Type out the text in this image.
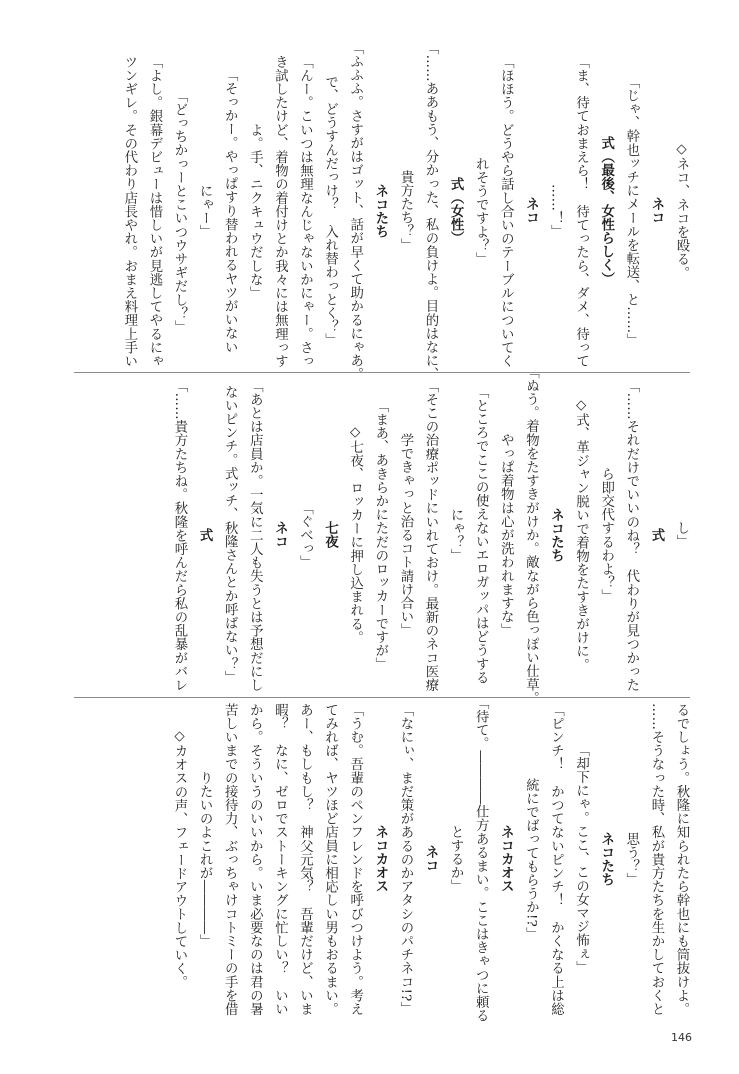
◇ネコ、ネコを殴る。
ネコ
「じゃ、幹也ッチにメールを転送、と……」
式（最後、女性らしく）
「ま、待ておまえら！　待てったら、ダメ、待って
……！」
ネコ
「ほほう。どうやら話し合いのテーブルについてく
れそうですよ？」
式（女性）
「……ああもう、分かった、私の負けよ。目的はなに、
貴方たち？」
ネコたち
「ふふふ。さすがはゴット、話が早くて助かるにゃあ。
で、どうすんだっけ？　入れ替わっとく？」
「んー。こいつは無理なんじゃないかにゃー。さっ
き試したけど、着物の着付けとか我々には無理っす
よ。手、ニクキュウだしな」
「そっかー。やっぱすり替われるヤツがいない
にゃー」
「どっちかっーとこいつウサギだし？」
「よし。銀幕デビューは惜しいが見逃してやるにゃ
ツンギレ。その代わり店長やれ。おまえ料理上手い
し」
式
「……それだけでいいのね？　代わりが見つかった
ら即交代するわよ？」
◇式、革ジャン脱いで着物をたすきがけに。
ネコたち
「ぬう。着物をたすきがけか。敵ながら色っぽい仕草。
やっぱ着物は心が洗われますな」
「ところでここの使えないエロガッパはどうする
にゃ？」
「そこの治療ポッドにいれておけ。最新のネコ医療
学できゃっと治るコト請け合い」
「まあ、あきらかにただのロッカーですが」
◇七夜、ロッカーに押し込まれる。
七夜
「ぐべっ」
ネコ
「あとは店員か。一気に二人も失うとは予想だにし
ないピンチ。式ッチ、秋隆さんとか呼ばない？」
式
「……貴方たちね。秋隆を呼んだら私の乱暴がバレ
るでしょう。秋隆に知られたら幹也にも筒抜けよ。
……そうなった時、私が貴方たちを生かしておくと
思う？」
ネコたち
「却下にゃ。ここ、この女マジ怖ぇ」
「ピンチ！　かつてないピンチ！　かくなる上は総
統にでばってもらうか!?」
ネコカオス
「待て。――――仕方あるまい。ここはきゃつに頼る
とするか」
ネコ
「なにぃ、まだ策があるのかアタシのパチネコ!?」
ネコカオス
「うむ。吾輩のペンフレンドを呼びつけよう。考え
てみれば、ヤツほど店員に相応しい男もおるまい。
あー、もしもし？　神父元気？　吾輩だけど、いま
暇？　なに、ゼロでストーキングに忙しい？　いい
から。そういうのいいから。いま必要なのは君の暑
苦しいまでの接待力、ぶっちゃけコトミーの手を借
りたいのよこれが――――」
◇カオスの声、フェードアウトしていく。
146
